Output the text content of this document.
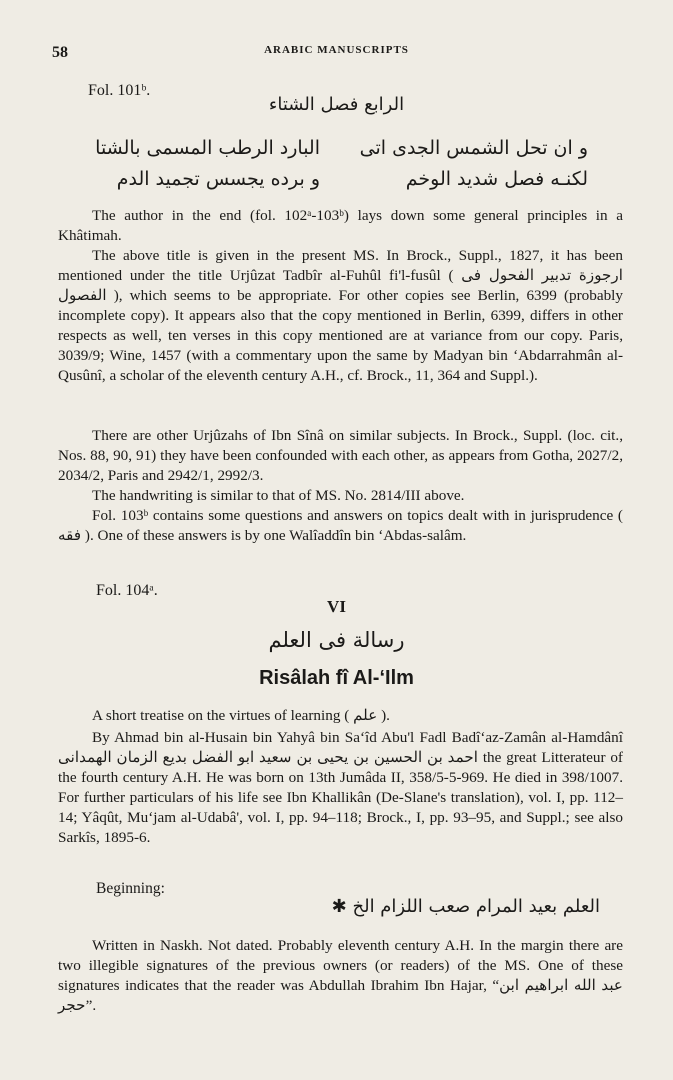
58	ARABIC MANUSCRIPTS
Fol. 101ᵇ.
الرابع فصل الشتاء
و ان تحل الشمس الجدى اتى
البارد الرطب المسمى بالشتا
لكنـه فصل شديد الوخم
و برده يجسس تجميد الدم
The author in the end (fol. 102ᵃ-103ᵇ) lays down some general principles in a Khâtimah.
The above title is given in the present MS. In Brock., Suppl., 1827, it has been mentioned under the title Urjûzat Tadbîr al-Fuhûl fi'l-fusûl ( ارجوزة تدبير الفحول فى الفصول ), which seems to be appropriate. For other copies see Berlin, 6399 (probably incomplete copy). It appears also that the copy mentioned in Berlin, 6399, differs in other respects as well, ten verses in this copy mentioned are at variance from our copy. Paris, 3039/9; Wine, 1457 (with a commentary upon the same by Madyan bin ‘Abdarrahmân al-Qusûnî, a scholar of the eleventh century A.H., cf. Brock., 11, 364 and Suppl.).
There are other Urjûzahs of Ibn Sînâ on similar subjects. In Brock., Suppl. (loc. cit., Nos. 88, 90, 91) they have been confounded with each other, as appears from Gotha, 2027/2, 2034/2, Paris and 2942/1, 2992/3.
The handwriting is similar to that of MS. No. 2814/III above.
Fol. 103ᵇ contains some questions and answers on topics dealt with in jurisprudence ( فقه ). One of these answers is by one Walîaddîn bin ‘Abdas-salâm.
Fol. 104ᵃ.
VI
رسالة فى العلم
Risâlah fî Al-‘Ilm
A short treatise on the virtues of learning ( علم ).
By Ahmad bin al-Husain bin Yahyâ bin Sa‘îd Abu'l Fadl Badî‘az-Zamân al-Hamdânî احمد بن الحسين بن يحيى بن سعيد ابو الفضل بديع الزمان الهمدانى the great Litterateur of the fourth century A.H. He was born on 13th Jumâda II, 358/5-5-969. He died in 398/1007. For further particulars of his life see Ibn Khallikân (De-Slane's translation), vol. I, pp. 112–14; Yâqût, Mu‘jam al-Udabâ', vol. I, pp. 94–118; Brock., I, pp. 93–95, and Suppl.; see also Sarkîs, 1895-6.
Beginning:
العلم بعيد المرام صعب اللزام الخ ✱
Written in Naskh. Not dated. Probably eleventh century A.H. In the margin there are two illegible signatures of the previous owners (or readers) of the MS. One of these signatures indicates that the reader was Abdullah Ibrahim Ibn Hajar, “عبد الله ابراهيم ابن حجر”.
